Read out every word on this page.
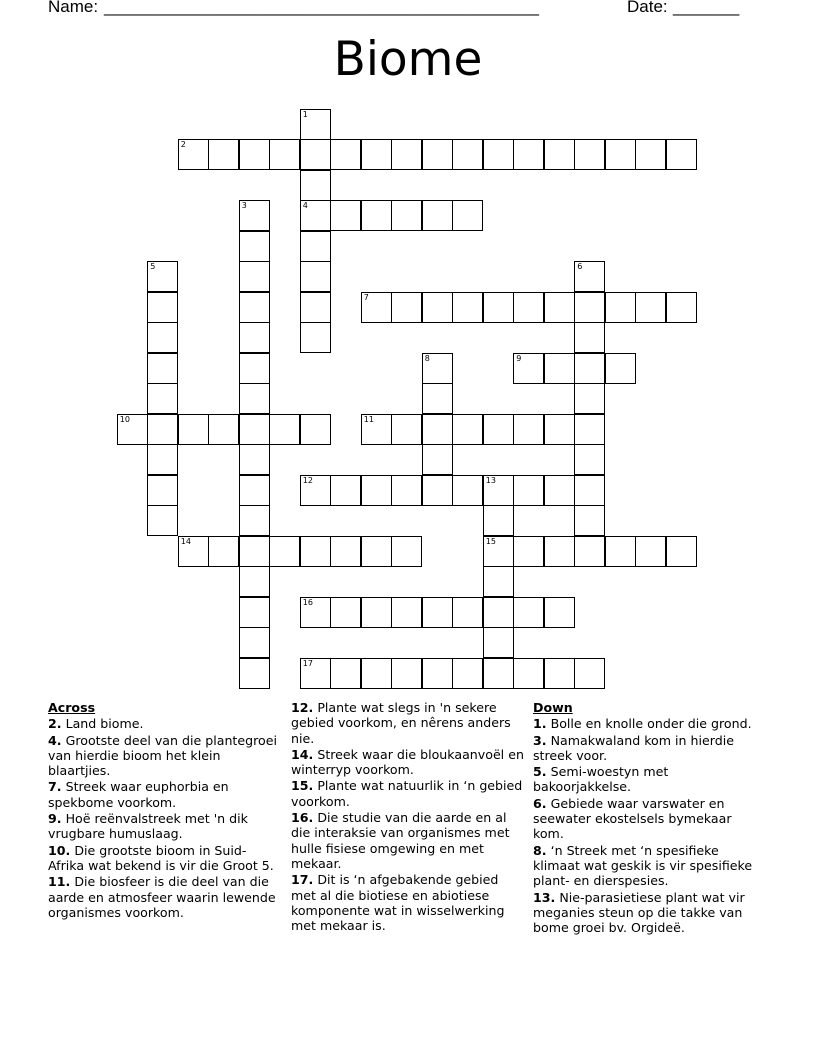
Name: ______________________________________________	Date: _______
Biome
1
4
2
3
5	6
7
8	9
10	11
12	13
15
14
16
17
Across
2. Land biome.
4. Grootste deel van die plantegroei van hierdie bioom het klein blaartjies.
7. Streek waar euphorbia en spekbome voorkom.
9. Hoë reënvalstreek met 'n dik vrugbare humuslaag.
10. Die grootste bioom in Suid-Afrika wat bekend is vir die Groot 5.
11. Die biosfeer is die deel van die aarde en atmosfeer waarin lewende organismes voorkom.
12. Plante wat slegs in 'n sekere gebied voorkom, en nêrens anders nie.
14. Streek waar die bloukaanvoël en winterryp voorkom.
15. Plante wat natuurlik in ‘n gebied voorkom.
16. Die studie van die aarde en al die interaksie van organismes met hulle fisiese omgewing en met mekaar.
17. Dit is ‘n afgebakende gebied met al die biotiese en abiotiese komponente wat in wisselwerking met mekaar is.
Down
1. Bolle en knolle onder die grond.
3. Namakwaland kom in hierdie streek voor.
5. Semi-woestyn met bakoorjakkelse.
6. Gebiede waar varswater en seewater ekostelsels bymekaar kom.
8. ‘n Streek met ‘n spesifieke klimaat wat geskik is vir spesifieke plant- en dierspesies.
13. Nie-parasietiese plant wat vir meganies steun op die takke van bome groei bv. Orgideë.
